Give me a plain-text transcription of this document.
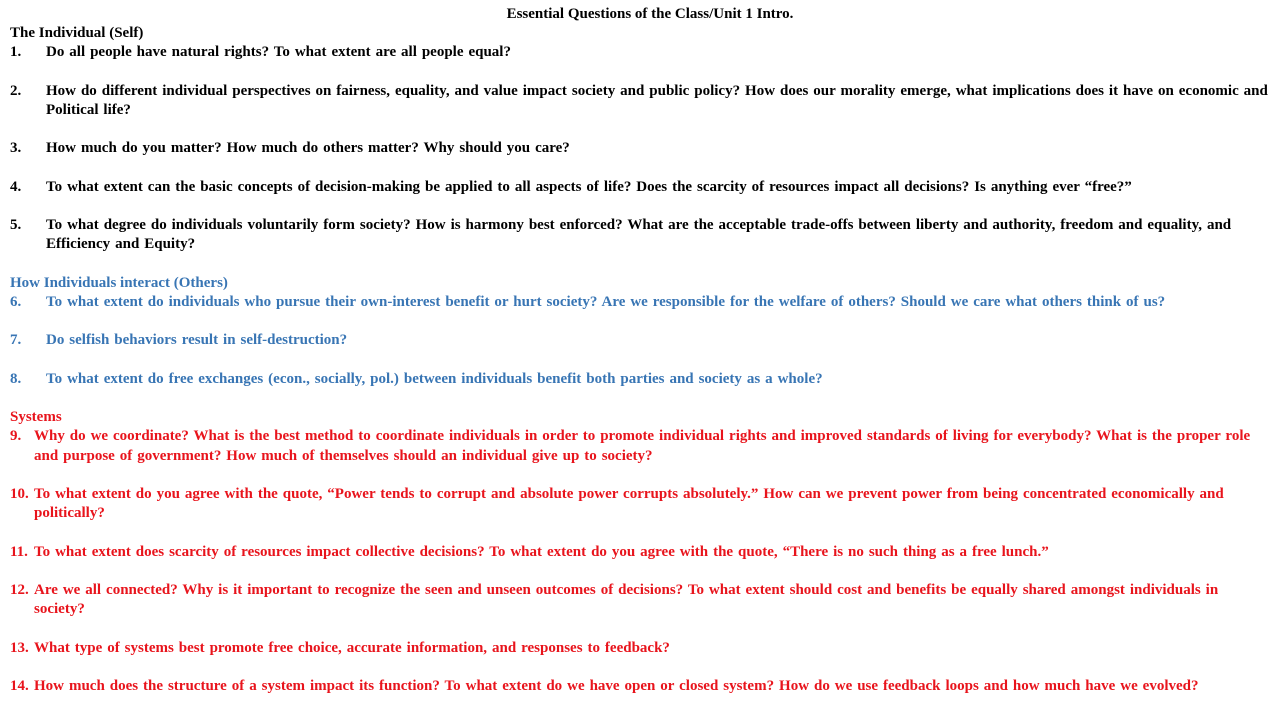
Essential Questions of the Class/Unit 1 Intro.
The Individual (Self)
1. Do all people have natural rights? To what extent are all people equal?
2. How do different individual perspectives on fairness, equality, and value impact society and public policy? How does our morality emerge, what implications does it have on economic and Political life?
3. How much do you matter? How much do others matter? Why should you care?
4. To what extent can the basic concepts of decision-making be applied to all aspects of life? Does the scarcity of resources impact all decisions? Is anything ever “free?”
5. To what degree do individuals voluntarily form society? How is harmony best enforced? What are the acceptable trade-offs between liberty and authority, freedom and equality, and Efficiency and Equity?
How Individuals interact (Others)
6. To what extent do individuals who pursue their own-interest benefit or hurt society? Are we responsible for the welfare of others? Should we care what others think of us?
7. Do selfish behaviors result in self-destruction?
8. To what extent do free exchanges (econ., socially, pol.) between individuals benefit both parties and society as a whole?
Systems
9. Why do we coordinate? What is the best method to coordinate individuals in order to promote individual rights and improved standards of living for everybody? What is the proper role and purpose of government? How much of themselves should an individual give up to society?
10. To what extent do you agree with the quote, “Power tends to corrupt and absolute power corrupts absolutely.” How can we prevent power from being concentrated economically and politically?
11. To what extent does scarcity of resources impact collective decisions? To what extent do you agree with the quote, “There is no such thing as a free lunch.”
12. Are we all connected? Why is it important to recognize the seen and unseen outcomes of decisions? To what extent should cost and benefits be equally shared amongst individuals in society?
13. What type of systems best promote free choice, accurate information, and responses to feedback?
14. How much does the structure of a system impact its function? To what extent do we have open or closed system? How do we use feedback loops and how much have we evolved?
